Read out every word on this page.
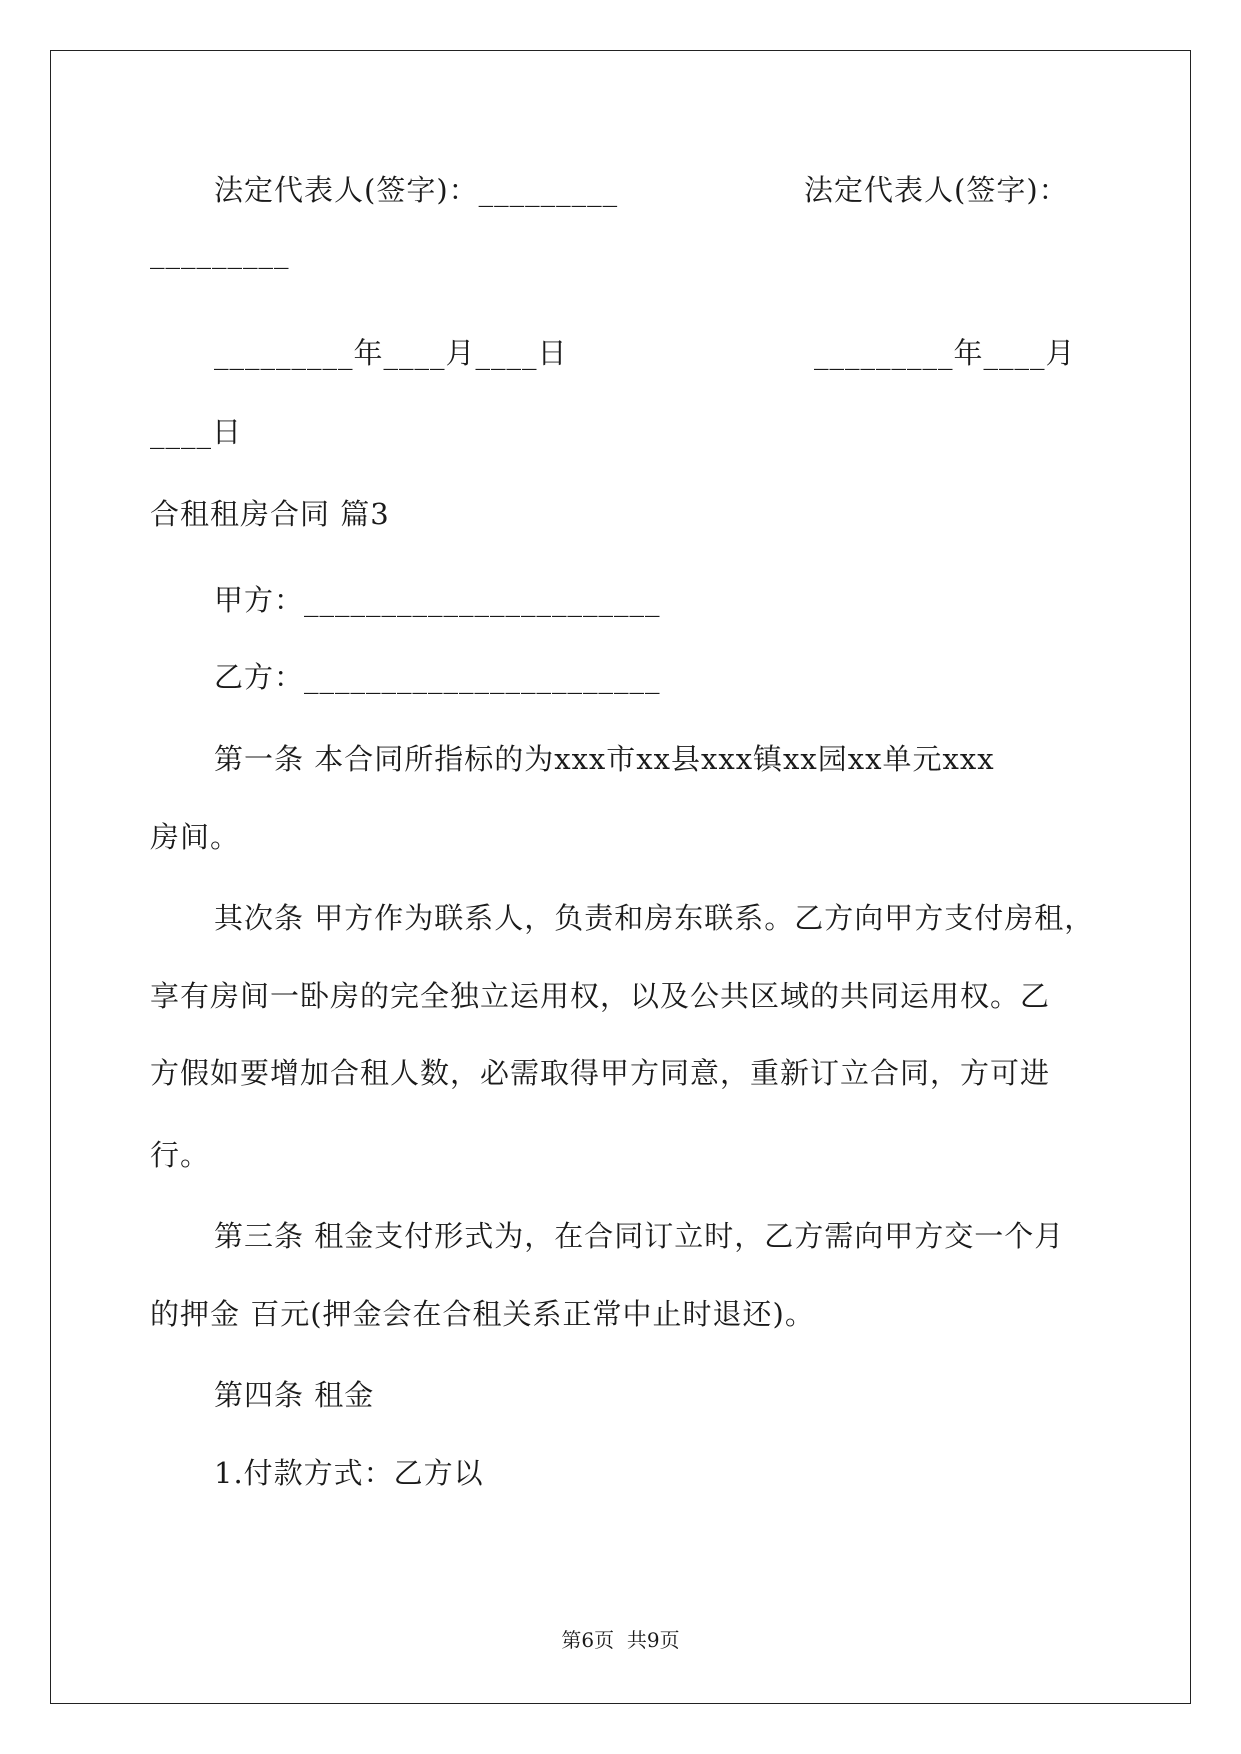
法定代表人(签字)：_________	法定代表人(签字)：

_________

_________年____月____日	_________年____月

____日

合租租房合同 篇3

甲方：_______________________

乙方：_______________________

第一条 本合同所指标的为xxx市xx县xxx镇xx园xx单元xxx

房间。

其次条 甲方作为联系人，负责和房东联系。乙方向甲方支付房租，

享有房间一卧房的完全独立运用权，以及公共区域的共同运用权。乙

方假如要增加合租人数，必需取得甲方同意，重新订立合同，方可进

行。

第三条 租金支付形式为，在合同订立时，乙方需向甲方交一个月

的押金 百元(押金会在合租关系正常中止时退还)。

第四条 租金

1.付款方式：乙方以

第6页  共9页
